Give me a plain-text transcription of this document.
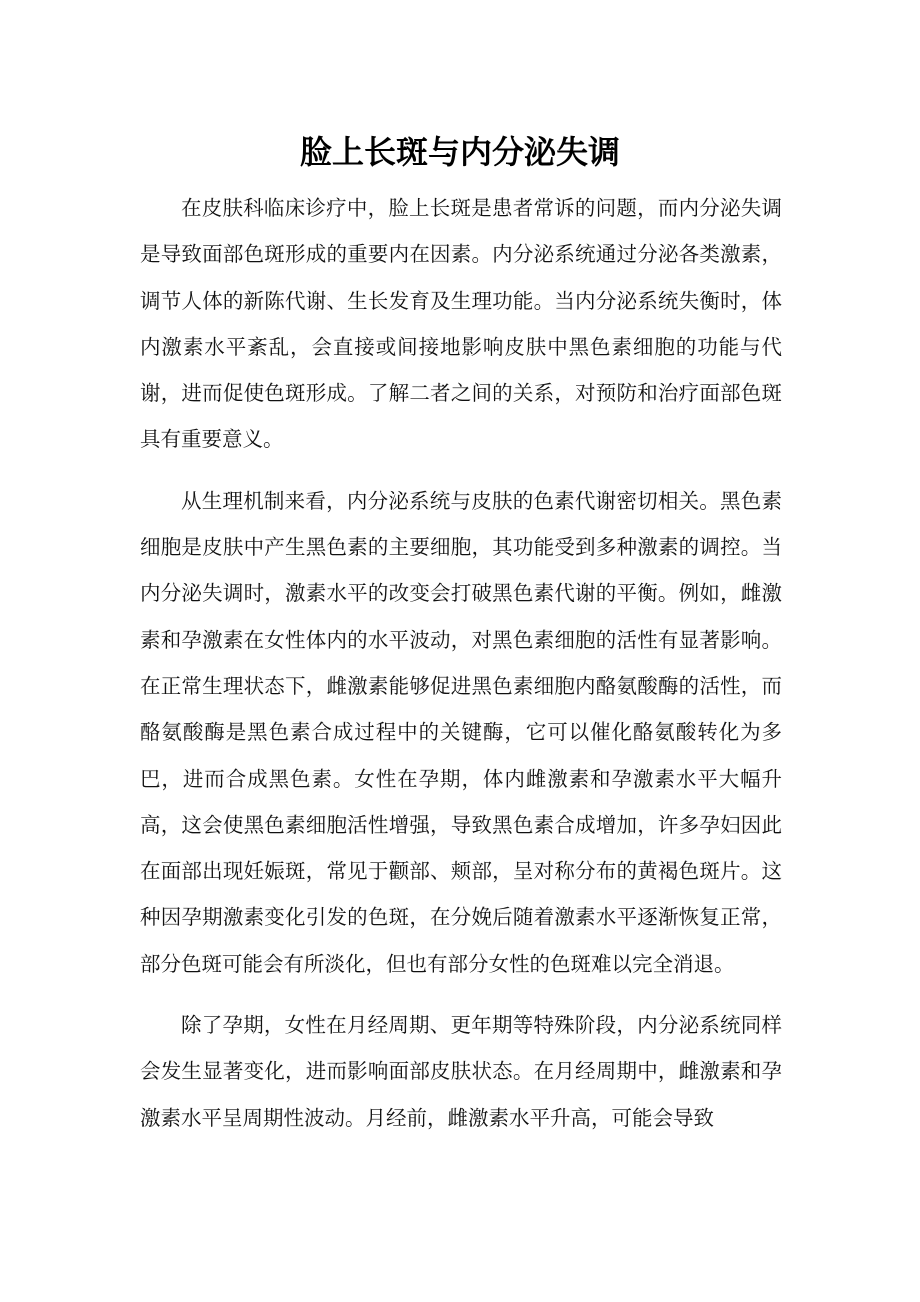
脸上长斑与内分泌失调

在皮肤科临床诊疗中，脸上长斑是患者常诉的问题，而内分泌失调是导致面部色斑形成的重要内在因素。内分泌系统通过分泌各类激素，调节人体的新陈代谢、生长发育及生理功能。当内分泌系统失衡时，体内激素水平紊乱，会直接或间接地影响皮肤中黑色素细胞的功能与代谢，进而促使色斑形成。了解二者之间的关系，对预防和治疗面部色斑具有重要意义。

从生理机制来看，内分泌系统与皮肤的色素代谢密切相关。黑色素细胞是皮肤中产生黑色素的主要细胞，其功能受到多种激素的调控。当内分泌失调时，激素水平的改变会打破黑色素代谢的平衡。例如，雌激素和孕激素在女性体内的水平波动，对黑色素细胞的活性有显著影响。在正常生理状态下，雌激素能够促进黑色素细胞内酪氨酸酶的活性，而酪氨酸酶是黑色素合成过程中的关键酶，它可以催化酪氨酸转化为多巴，进而合成黑色素。女性在孕期，体内雌激素和孕激素水平大幅升高，这会使黑色素细胞活性增强，导致黑色素合成增加，许多孕妇因此在面部出现妊娠斑，常见于颧部、颊部，呈对称分布的黄褐色斑片。这种因孕期激素变化引发的色斑，在分娩后随着激素水平逐渐恢复正常，部分色斑可能会有所淡化，但也有部分女性的色斑难以完全消退。

除了孕期，女性在月经周期、更年期等特殊阶段，内分泌系统同样会发生显著变化，进而影响面部皮肤状态。在月经周期中，雌激素和孕激素水平呈周期性波动。月经前，雌激素水平升高，可能会导致
